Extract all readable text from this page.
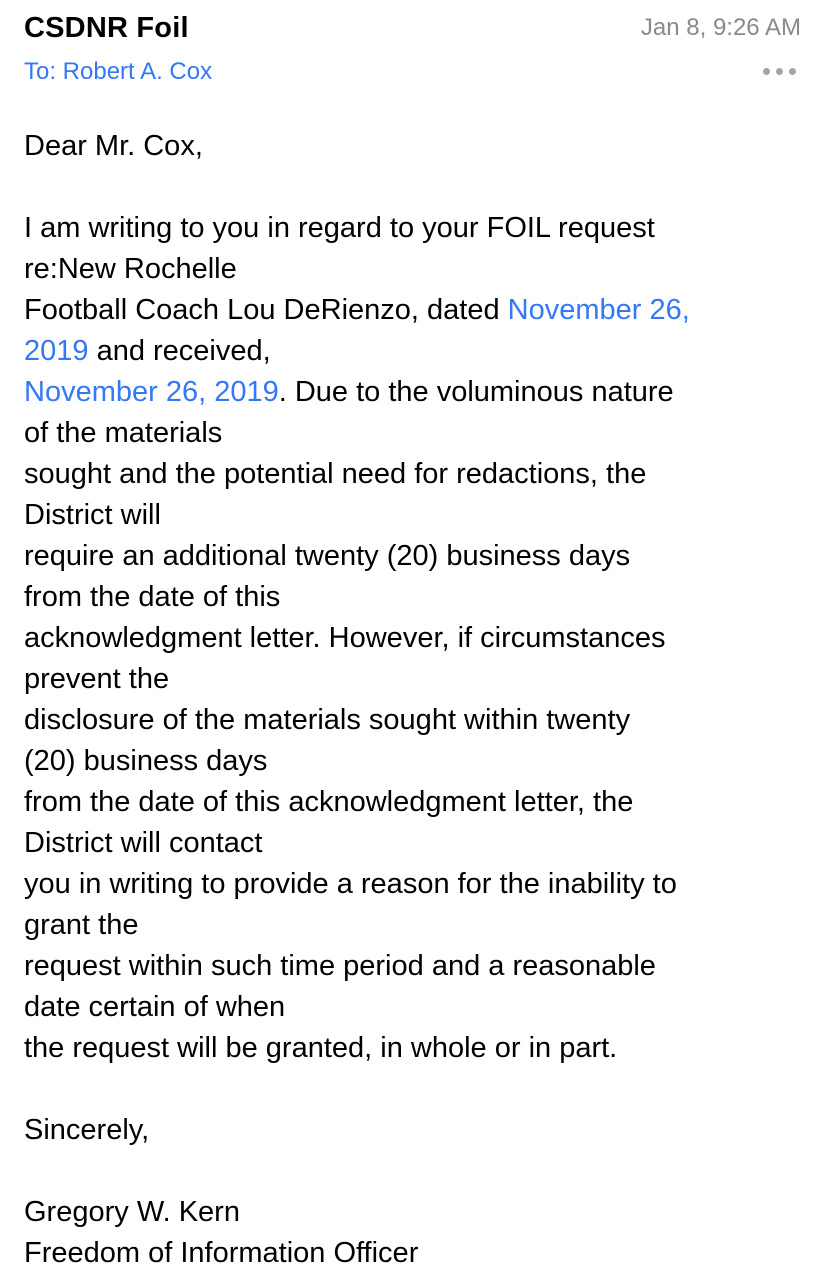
CSDNR Foil	Jan 8, 9:26 AM
To: Robert A. Cox
Dear Mr. Cox,
I am writing to you in regard to your FOIL request
re:New Rochelle
Football Coach Lou DeRienzo, dated November 26,
2019 and received,
November 26, 2019. Due to the voluminous nature
of the materials
sought and the potential need for redactions, the
District will
require an additional twenty (20) business days
from the date of this
acknowledgment letter. However, if circumstances
prevent the
disclosure of the materials sought within twenty
(20) business days
from the date of this acknowledgment letter, the
District will contact
you in writing to provide a reason for the inability to
grant the
request within such time period and a reasonable
date certain of when
the request will be granted, in whole or in part.
Sincerely,
Gregory W. Kern
Freedom of Information Officer
